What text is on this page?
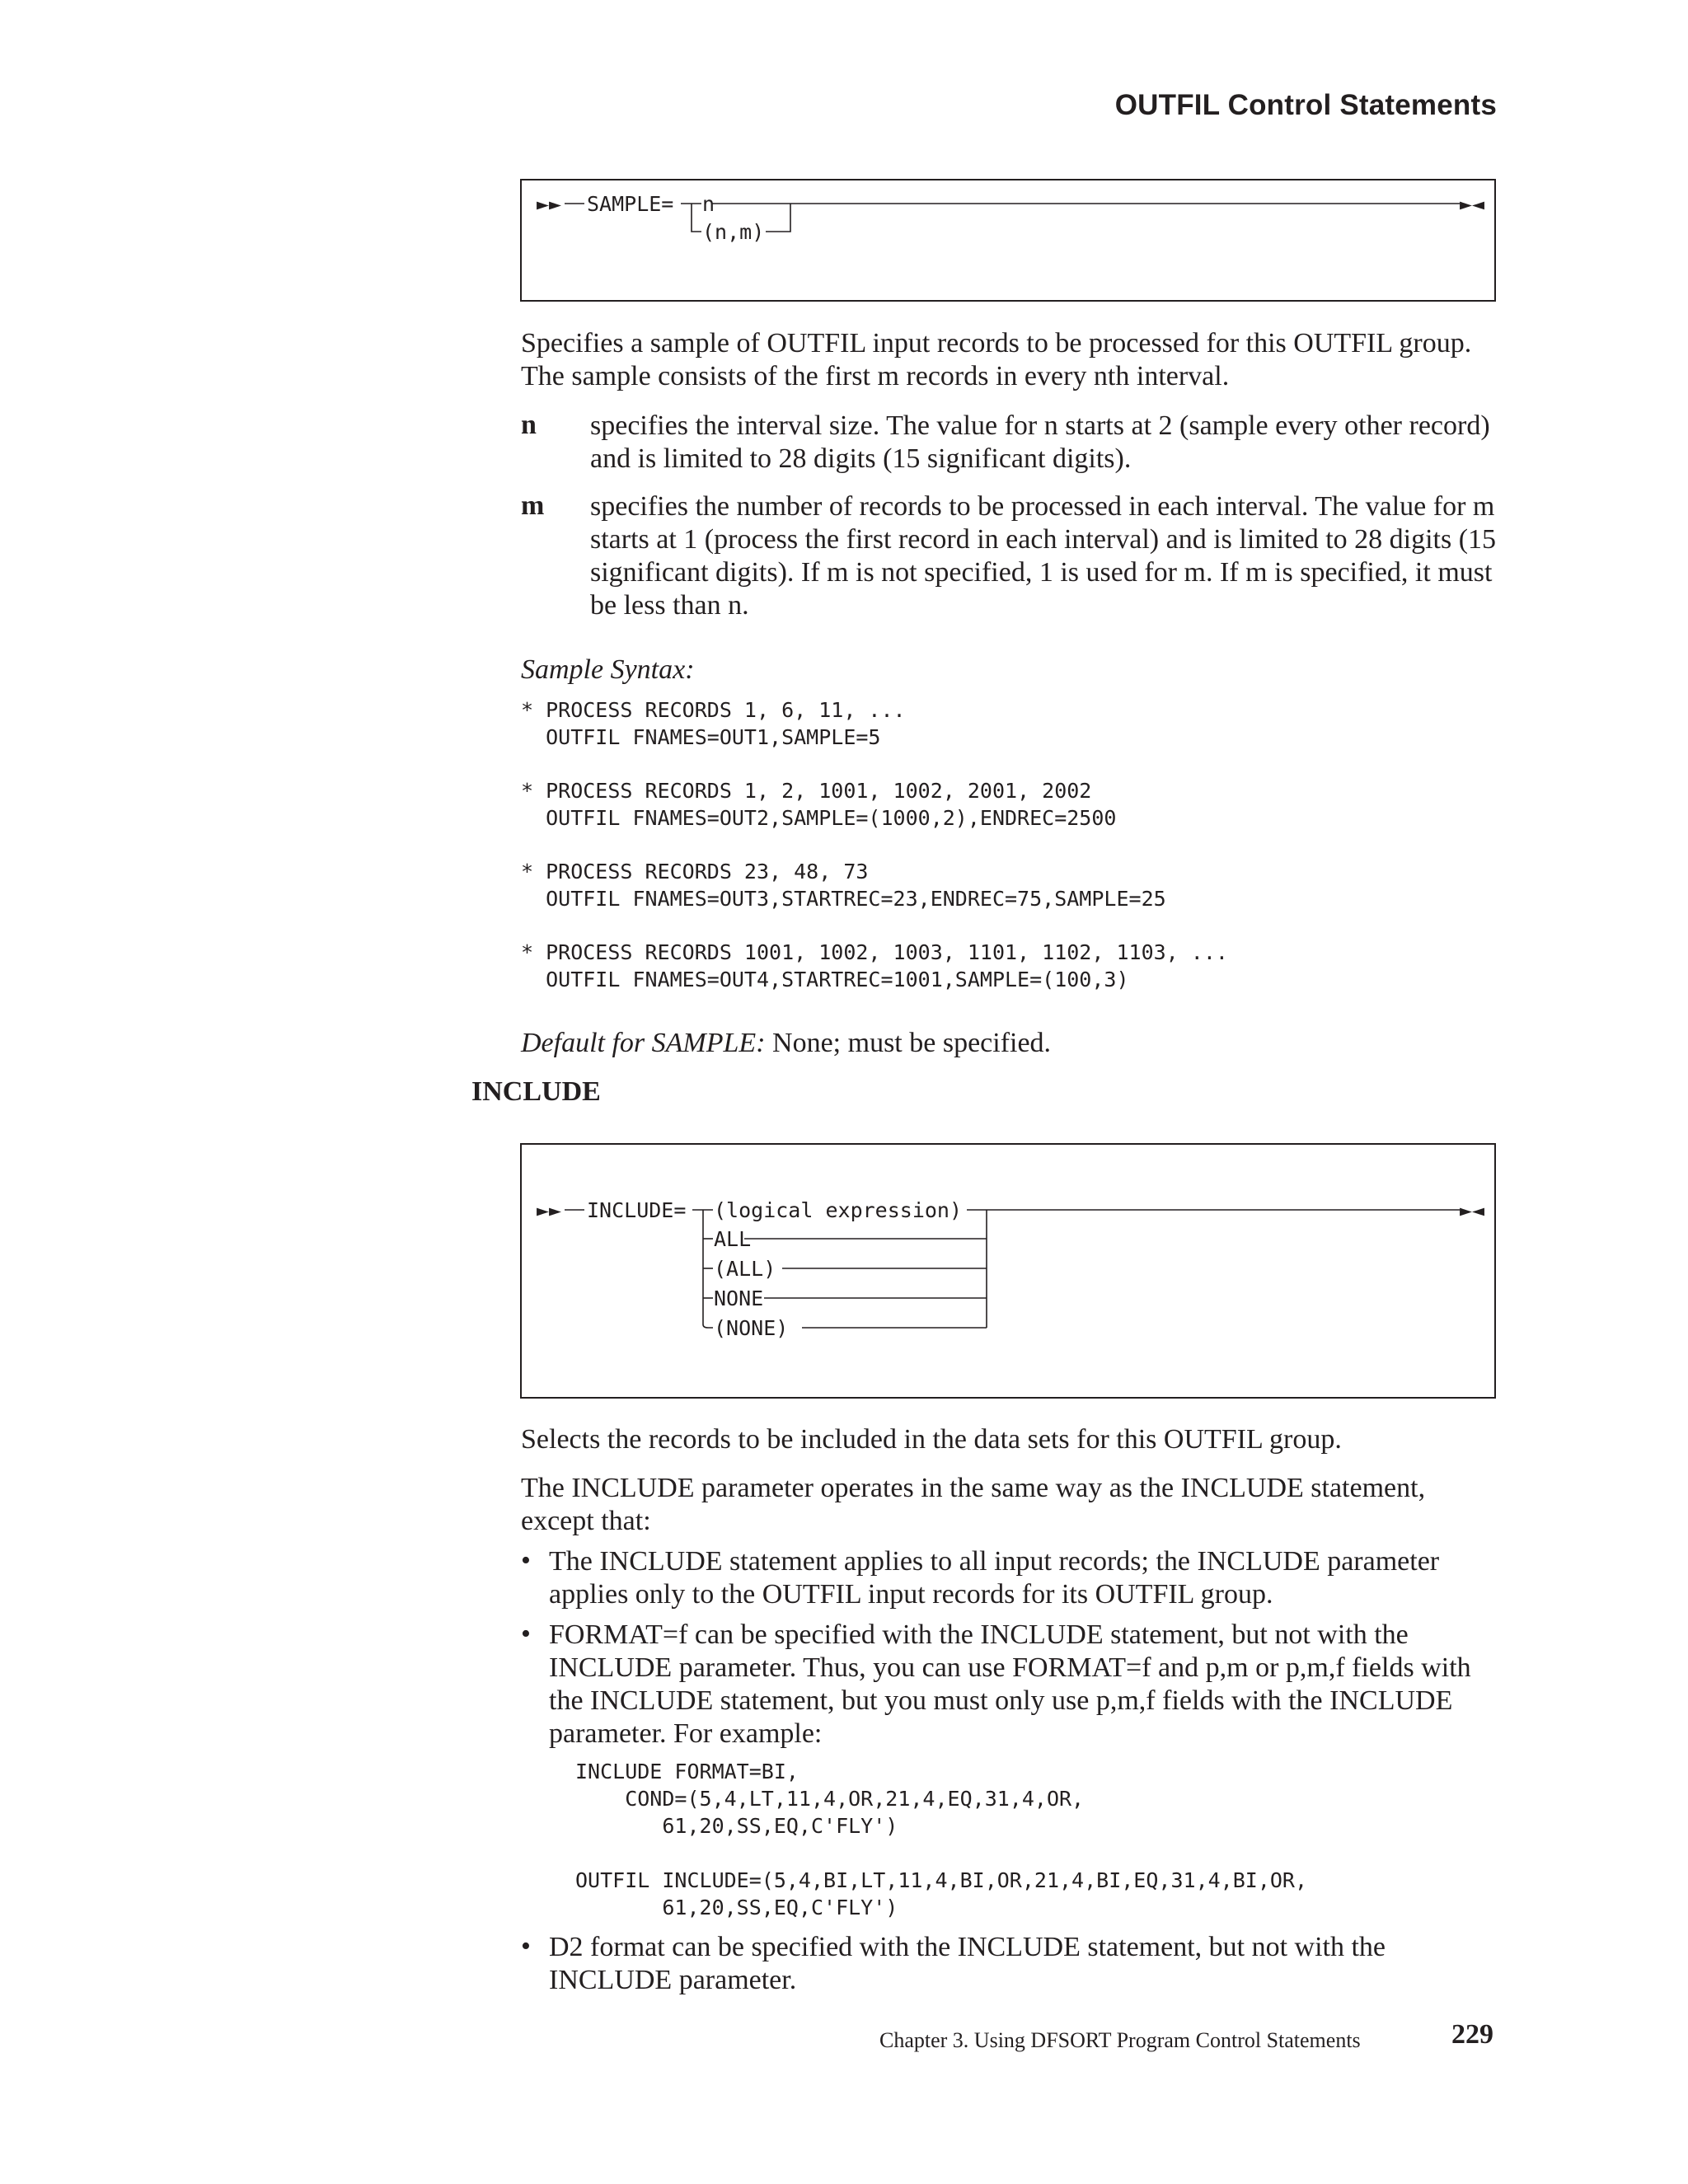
OUTFIL Control Statements
►► SAMPLE= n
(n,m)
►◄
Specifies a sample of OUTFIL input records to be processed for this OUTFIL group. The sample consists of the first m records in every nth interval.
n specifies the interval size. The value for n starts at 2 (sample every other record) and is limited to 28 digits (15 significant digits).
m specifies the number of records to be processed in each interval. The value for m starts at 1 (process the first record in each interval) and is limited to 28 digits (15 significant digits). If m is not specified, 1 is used for m. If m is specified, it must be less than n.
Sample Syntax:
* PROCESS RECORDS 1, 6, 11, ...
OUTFIL FNAMES=OUT1,SAMPLE=5
* PROCESS RECORDS 1, 2, 1001, 1002, 2001, 2002
OUTFIL FNAMES=OUT2,SAMPLE=(1000,2),ENDREC=2500
* PROCESS RECORDS 23, 48, 73
OUTFIL FNAMES=OUT3,STARTREC=23,ENDREC=75,SAMPLE=25
* PROCESS RECORDS 1001, 1002, 1003, 1101, 1102, 1103, ...
OUTFIL FNAMES=OUT4,STARTREC=1001,SAMPLE=(100,3)
Default for SAMPLE: None; must be specified.
INCLUDE
►► INCLUDE= (logical expression)
ALL
(ALL)
NONE
(NONE)
►◄
Selects the records to be included in the data sets for this OUTFIL group.
The INCLUDE parameter operates in the same way as the INCLUDE statement, except that:
• The INCLUDE statement applies to all input records; the INCLUDE parameter applies only to the OUTFIL input records for its OUTFIL group.
• FORMAT=f can be specified with the INCLUDE statement, but not with the INCLUDE parameter. Thus, you can use FORMAT=f and p,m or p,m,f fields with the INCLUDE statement, but you must only use p,m,f fields with the INCLUDE parameter. For example:
INCLUDE FORMAT=BI,
COND=(5,4,LT,11,4,OR,21,4,EQ,31,4,OR,
61,20,SS,EQ,C'FLY')

OUTFIL INCLUDE=(5,4,BI,LT,11,4,BI,OR,21,4,BI,EQ,31,4,BI,OR,
61,20,SS,EQ,C'FLY')
• D2 format can be specified with the INCLUDE statement, but not with the INCLUDE parameter.
Chapter 3. Using DFSORT Program Control Statements	229
